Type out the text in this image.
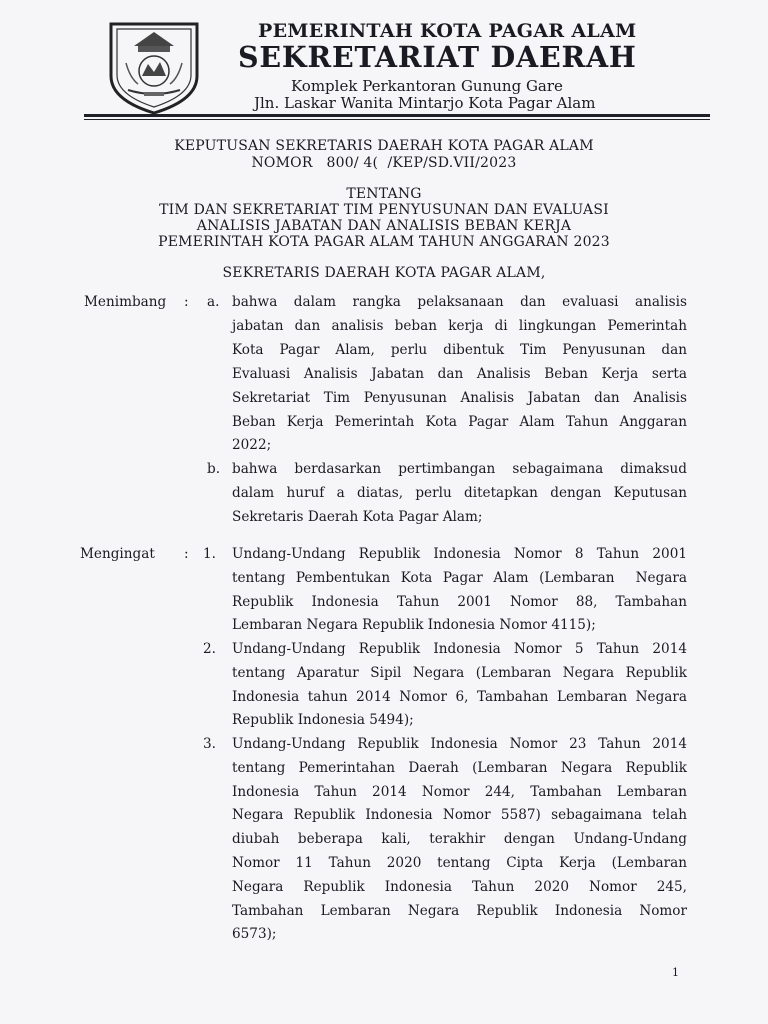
PEMERINTAH KOTA PAGAR ALAM
SEKRETARIAT DAERAH
Komplek Perkantoran Gunung Gare
Jln. Laskar Wanita Mintarjo Kota Pagar Alam
KEPUTUSAN SEKRETARIS DAERAH KOTA PAGAR ALAM
NOMOR   800/ 4(  /KEP/SD.VII/2023
TENTANG
TIM DAN SEKRETARIAT TIM PENYUSUNAN DAN EVALUASI
ANALISIS JABATAN DAN ANALISIS BEBAN KERJA
PEMERINTAH KOTA PAGAR ALAM TAHUN ANGGARAN 2023
SEKRETARIS DAERAH KOTA PAGAR ALAM,
Menimbang : a. bahwa dalam rangka pelaksanaan dan evaluasi analisis
jabatan dan analisis beban kerja di lingkungan Pemerintah
Kota Pagar Alam, perlu dibentuk Tim Penyusunan dan
Evaluasi Analisis Jabatan dan Analisis Beban Kerja serta
Sekretariat Tim Penyusunan Analisis Jabatan dan Analisis
Beban Kerja Pemerintah Kota Pagar Alam Tahun Anggaran
2022;
b. bahwa berdasarkan pertimbangan sebagaimana dimaksud
dalam huruf a diatas, perlu ditetapkan dengan Keputusan
Sekretaris Daerah Kota Pagar Alam;
Mengingat : 1. Undang-Undang Republik Indonesia Nomor 8 Tahun 2001
tentang Pembentukan Kota Pagar Alam (Lembaran  Negara
Republik Indonesia Tahun 2001 Nomor 88, Tambahan
Lembaran Negara Republik Indonesia Nomor 4115);
2. Undang-Undang Republik Indonesia Nomor 5 Tahun 2014
tentang Aparatur Sipil Negara (Lembaran Negara Republik
Indonesia tahun 2014 Nomor 6, Tambahan Lembaran Negara
Republik Indonesia 5494);
3. Undang-Undang Republik Indonesia Nomor 23 Tahun 2014
tentang Pemerintahan Daerah (Lembaran Negara Republik
Indonesia Tahun 2014 Nomor 244, Tambahan Lembaran
Negara Republik Indonesia Nomor 5587) sebagaimana telah
diubah beberapa kali, terakhir dengan Undang-Undang
Nomor 11 Tahun 2020 tentang Cipta Kerja (Lembaran
Negara Republik Indonesia Tahun 2020 Nomor 245,
Tambahan Lembaran Negara Republik Indonesia Nomor
6573);
1
